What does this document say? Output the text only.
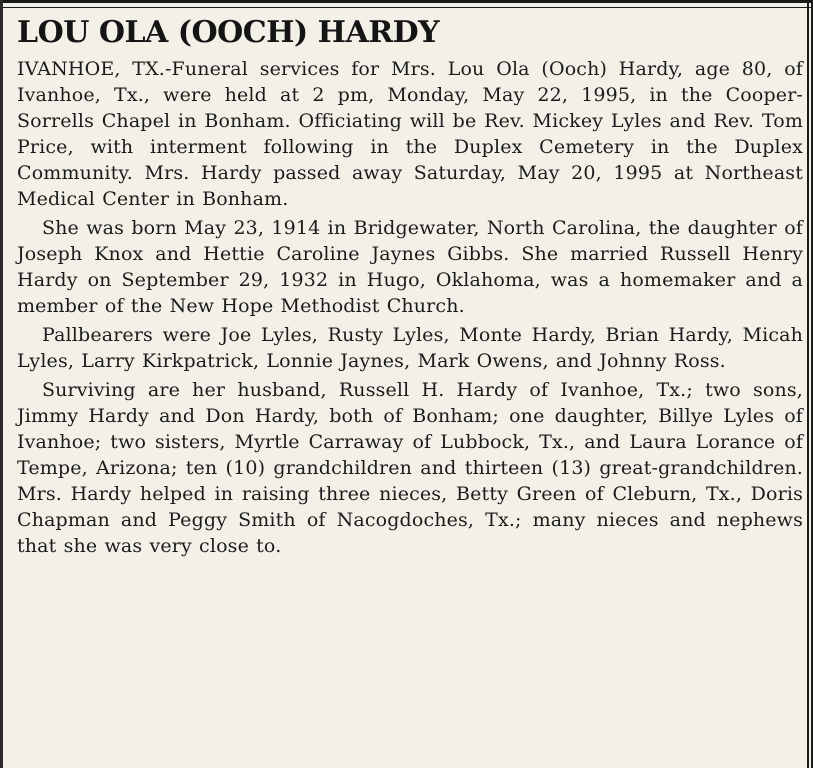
LOU OLA (OOCH) HARDY

IVANHOE, TX.-Funeral services for Mrs. Lou Ola (Ooch) Hardy, age 80, of Ivanhoe, Tx., were held at 2 pm, Monday, May 22, 1995, in the Cooper-Sorrells Chapel in Bonham. Officiating will be Rev. Mickey Lyles and Rev. Tom Price, with interment following in the Duplex Cemetery in the Duplex Community. Mrs. Hardy passed away Saturday, May 20, 1995 at Northeast Medical Center in Bonham.

She was born May 23, 1914 in Bridgewater, North Carolina, the daughter of Joseph Knox and Hettie Caroline Jaynes Gibbs. She married Russell Henry Hardy on September 29, 1932 in Hugo, Oklahoma, was a homemaker and a member of the New Hope Methodist Church.

Pallbearers were Joe Lyles, Rusty Lyles, Monte Hardy, Brian Hardy, Micah Lyles, Larry Kirkpatrick, Lonnie Jaynes, Mark Owens, and Johnny Ross.

Surviving are her husband, Russell H. Hardy of Ivanhoe, Tx.; two sons, Jimmy Hardy and Don Hardy, both of Bonham; one daughter, Billye Lyles of Ivanhoe; two sisters, Myrtle Carraway of Lubbock, Tx., and Laura Lorance of Tempe, Arizona; ten (10) grandchildren and thirteen (13) great-grandchildren. Mrs. Hardy helped in raising three nieces, Betty Green of Cleburn, Tx., Doris Chapman and Peggy Smith of Nacogdoches, Tx.; many nieces and nephews that she was very close to.
